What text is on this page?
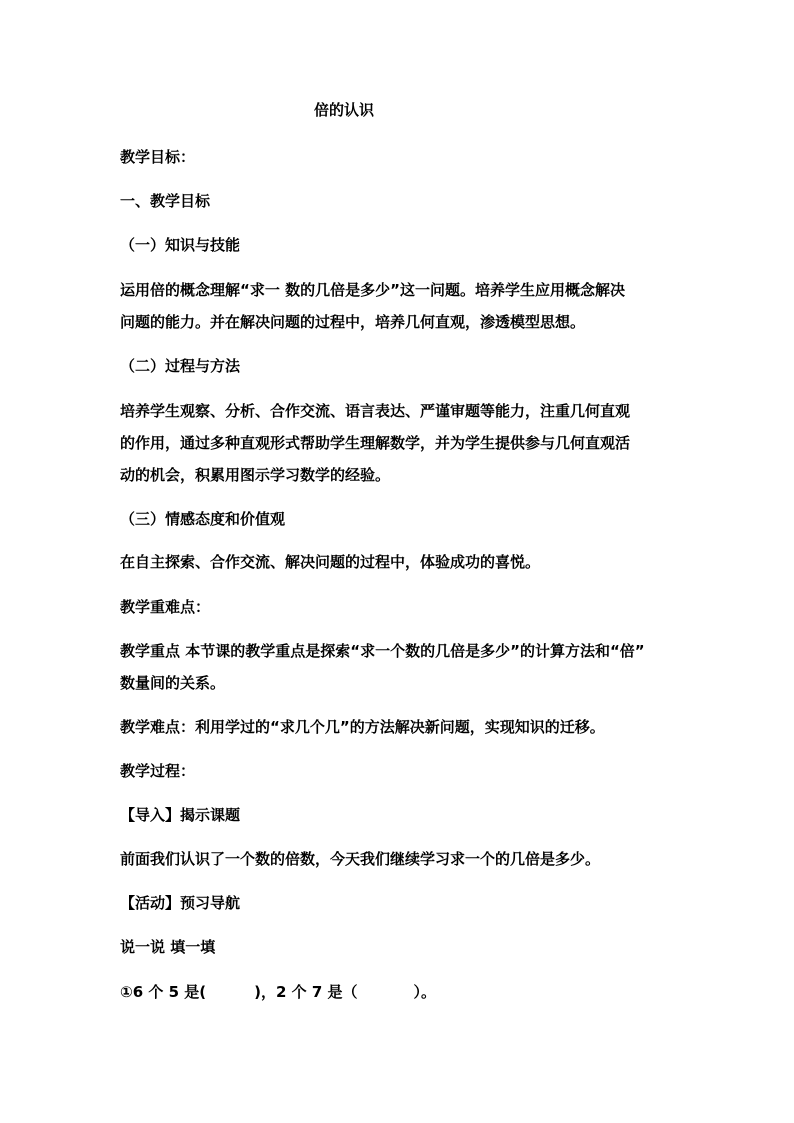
倍的认识
教学目标：
一、教学目标
（一）知识与技能
运用倍的概念理解“求一 数的几倍是多少”这一问题。培养学生应用概念解决
问题的能力。并在解决问题的过程中，培养几何直观，渗透模型思想。
（二）过程与方法
培养学生观察、分析、合作交流、语言表达、严谨审题等能力，注重几何直观
的作用，通过多种直观形式帮助学生理解数学，并为学生提供参与几何直观活
动的机会，积累用图示学习数学的经验。
（三）情感态度和价值观
在自主探索、合作交流、解决问题的过程中，体验成功的喜悦。
教学重难点：
教学重点 本节课的教学重点是探索“求一个数的几倍是多少”的计算方法和“倍”
数量间的关系。
教学难点：利用学过的“求几个几”的方法解决新问题，实现知识的迁移。
教学过程：
【导入】揭示课题
前面我们认识了一个数的倍数，今天我们继续学习求一个的几倍是多少。
【活动】预习导航
说一说 填一填
①6 个 5 是(	)，2 个 7 是（	）。
